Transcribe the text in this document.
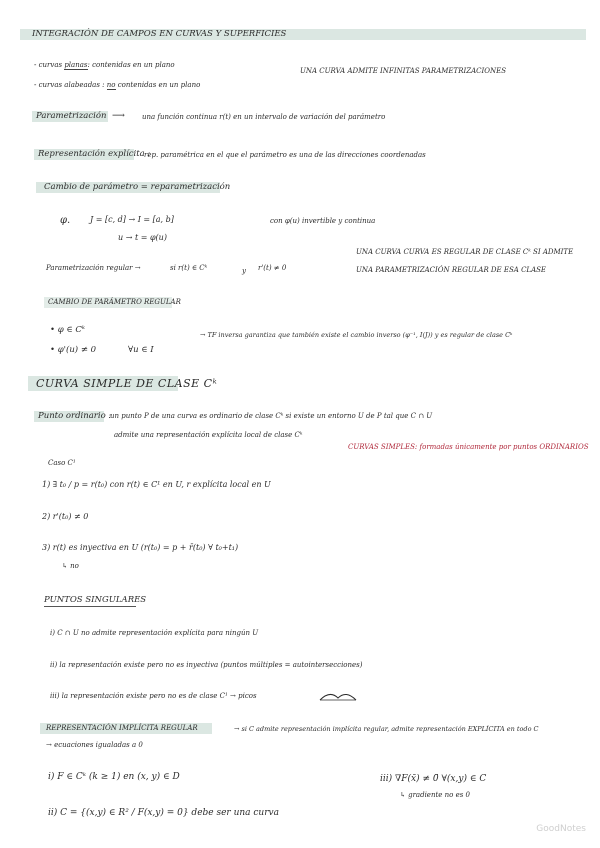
INTEGRACIÓN DE CAMPOS EN CURVAS Y SUPERFICIES
- curvas planas: contenidas en un plano
- curvas alabeadas : no contenidas en un plano
UNA CURVA ADMITE INFINITAS PARAMETRIZACIONES
Parametrización ⟶ una función continua r(t) en un intervalo de variación del parámetro
Representación explícita :
rep. paramétrica en el que el parámetro es una de las direcciones coordenadas
Cambio de parámetro = reparametrización
φ. J = [c, d] → I = [a, b]
u → t = φ(u)
con φ(u) invertible y continua
UNA CURVA CURVA ES REGULAR DE CLASE Cᵏ SI ADMITE
UNA PARAMETRIZACIÓN REGULAR DE ESA CLASE
Parametrización regular →	si r(t) ∈ Cᵏ	y r'(t) ≠ 0
CAMBIO DE PARÁMETRO REGULAR
• φ ∈ Cᵏ
• φ'(u) ≠ 0	∀u ∈ I
→ TF inversa garantiza que también existe el cambio inverso (φ⁻¹, I(J)) y es regular de clase Cᵏ
CURVA SIMPLE DE CLASE Cᵏ
Punto ordinario :
un punto P de una curva es ordinario de clase Cᵏ si existe un entorno U de P tal que C ∩ U
admite una representación explícita local de clase Cᵏ
CURVAS SIMPLES: formadas únicamente por puntos ORDINARIOS
Caso C¹
1) ∃ t₀ / p = r(t₀) con r(t) ∈ C¹ en U, r explícita local en U
2) r'(t₀) ≠ 0
3) r(t) es inyectiva en U (r(t₀) = p + r̄(t₀) ∀ t₀+t₁)
↳ no
PUNTOS SINGULARES
i) C ∩ U no admite representación explícita para ningún U
ii) la representación existe pero no es inyectiva (puntos múltiples = autointersecciones)
iii) la representación existe pero no es de clase C¹ → picos
REPRESENTACIÓN IMPLÍCITA REGULAR	→ si C admite representación implícita regular, admite representación EXPLÍCITA en todo C
→ ecuaciones igualadas a 0
i) F ∈ Cᵏ (k ≥ 1) en (x, y) ∈ D
ii) C = {(x,y) ∈ R² / F(x,y) = 0} debe ser una curva
iii) ∇F(x̄) ≠ 0̄ ∀(x,y) ∈ C
↳ gradiente no es 0
GoodNotes
